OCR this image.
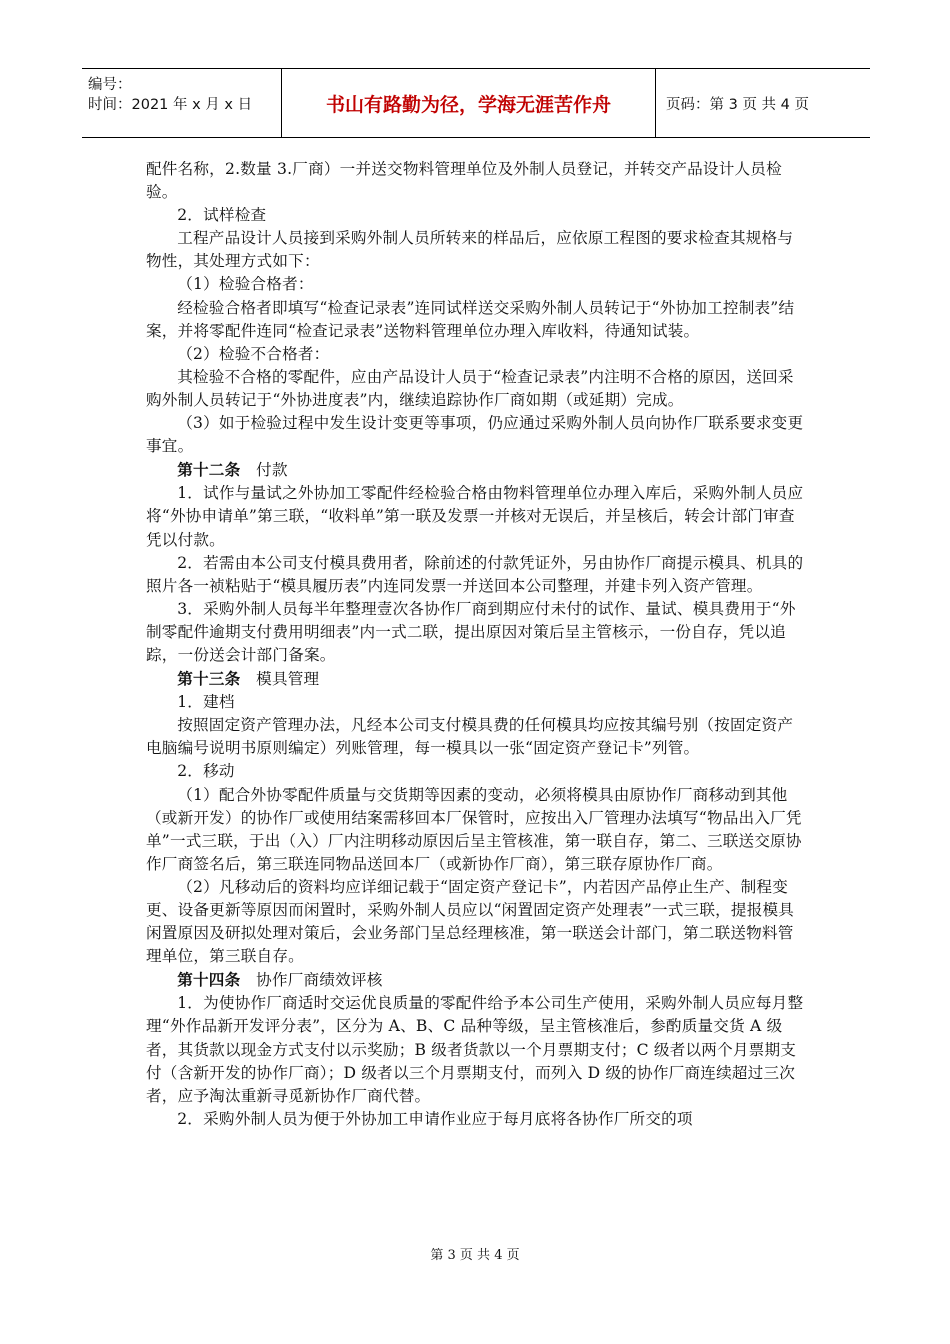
编号：
时间：2021 年 x 月 x 日	书山有路勤为径，学海无涯苦作舟	页码：第 3 页 共 4 页

配件名称，2.数量 3.厂商）一并送交物料管理单位及外制人员登记，并转交产品设计人员检验。

2．试样检查

工程产品设计人员接到采购外制人员所转来的样品后，应依原工程图的要求检查其规格与物性，其处理方式如下：

（1）检验合格者：

经检验合格者即填写“检查记录表”连同试样送交采购外制人员转记于“外协加工控制表”结案，并将零配件连同“检查记录表”送物料管理单位办理入库收料，待通知试装。

（2）检验不合格者：

其检验不合格的零配件，应由产品设计人员于“检查记录表”内注明不合格的原因，送回采购外制人员转记于“外协进度表”内，继续追踪协作厂商如期（或延期）完成。

（3）如于检验过程中发生设计变更等事项，仍应通过采购外制人员向协作厂联系要求变更事宜。

第十二条　 付款

1．试作与量试之外协加工零配件经检验合格由物料管理单位办理入库后，采购外制人员应将“外协申请单”第三联，“收料单”第一联及发票一并核对无误后，并呈核后，转会计部门审查凭以付款。

2．若需由本公司支付模具费用者，除前述的付款凭证外，另由协作厂商提示模具、机具的照片各一祯粘贴于“模具履历表”内连同发票一并送回本公司整理，并建卡列入资产管理。

3．采购外制人员每半年整理壹次各协作厂商到期应付未付的试作、量试、模具费用于“外制零配件逾期支付费用明细表”内一式二联，提出原因对策后呈主管核示，一份自存，凭以追踪，一份送会计部门备案。

第十三条　 模具管理

1．建档

按照固定资产管理办法，凡经本公司支付模具费的任何模具均应按其编号别（按固定资产电脑编号说明书原则编定）列账管理，每一模具以一张“固定资产登记卡”列管。

2．移动

（1）配合外协零配件质量与交货期等因素的变动，必须将模具由原协作厂商移动到其他（或新开发）的协作厂或使用结案需移回本厂保管时，应按出入厂管理办法填写“物品出入厂凭单”一式三联，于出（入）厂内注明移动原因后呈主管核准，第一联自存，第二、三联送交原协作厂商签名后，第三联连同物品送回本厂（或新协作厂商），第三联存原协作厂商。

（2）凡移动后的资料均应详细记载于“固定资产登记卡”，内若因产品停止生产、制程变更、设备更新等原因而闲置时，采购外制人员应以“闲置固定资产处理表”一式三联，提报模具闲置原因及研拟处理对策后，会业务部门呈总经理核准，第一联送会计部门，第二联送物料管理单位，第三联自存。

第十四条　 协作厂商绩效评核

1．为使协作厂商适时交运优良质量的零配件给予本公司生产使用，采购外制人员应每月整理“外作品新开发评分表”，区分为 A、B、C 品种等级，呈主管核准后，参酌质量交货 A 级者，其货款以现金方式支付以示奖励；B 级者货款以一个月票期支付；C 级者以两个月票期支付（含新开发的协作厂商）；D 级者以三个月票期支付，而列入 D 级的协作厂商连续超过三次者，应予淘汰重新寻觅新协作厂商代替。

2．采购外制人员为便于外协加工申请作业应于每月底将各协作厂所交的项

第 3 页 共 4 页
